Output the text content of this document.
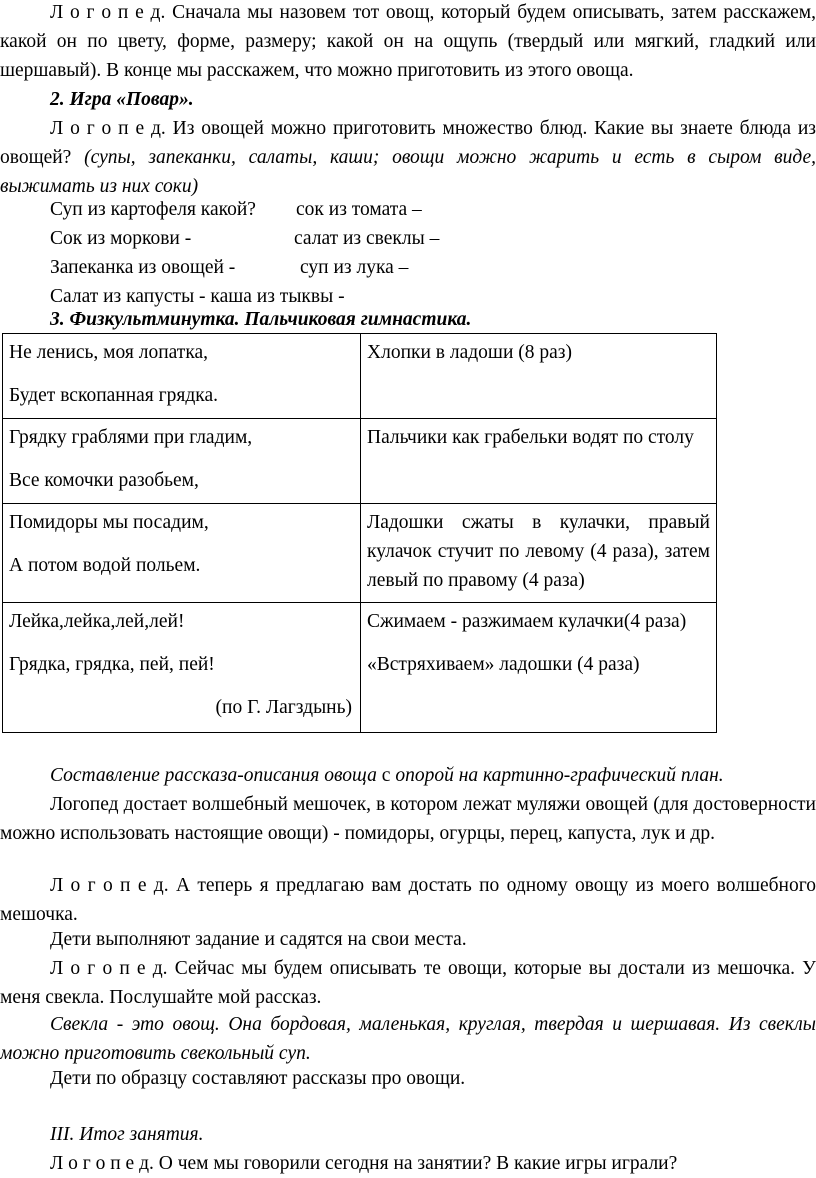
Л о г о п е д. Сначала мы назовем тот овощ, который будем описывать, затем расскажем, какой он по цвету, форме, размеру; какой он на ощупь (твердый или мягкий, гладкий или шершавый). В конце мы расскажем, что можно приготовить из этого овоща.

2. Игра «Повар».

Л о г о п е д. Из овощей можно приготовить множество блюд. Какие вы знаете блюда из овощей? (супы, запеканки, салаты, каши; овощи можно жарить и есть в сыром виде, выжимать из них соки)

Суп из картофеля какой? сок из томата –
Сок из моркови -	салат из свеклы –
Запеканка из овощей -	суп из лука –
Салат из капусты - каша из тыквы -

3. Физкультминутка. Пальчиковая гимнастика.

Не ленись, моя лопатка,
Будет вскопанная грядка.	Хлопки в ладоши (8 раз)

Грядку граблями при гладим,
Все комочки разобьем,	Пальчики как грабельки водят по столу

Помидоры мы посадим,
А потом водой польем.	Ладошки сжаты в кулачки, правый кулачок стучит по левому (4 раза), затем левый по правому (4 раза)

Лейка,лейка,лей,лей!
Грядка, грядка, пей, пей!
(по Г. Лагздынь)	Сжимаем - разжимаем кулачки(4 раза)
«Встряхиваем» ладошки (4 раза)

Составление рассказа-описания овоща с опорой на картинно-графический план.

Логопед достает волшебный мешочек, в котором лежат муляжи овощей (для достоверности можно использовать настоящие овощи) - помидоры, огурцы, перец, капуста, лук и др.

Л о г о п е д. А теперь я предлагаю вам достать по одному овощу из моего волшебного мешочка.

Дети выполняют задание и садятся на свои места.

Л о г о п е д. Сейчас мы будем описывать те овощи, которые вы достали из мешочка. У меня свекла. Послушайте мой рассказ.

Свекла - это овощ. Она бордовая, маленькая, круглая, твердая и шершавая. Из свеклы можно приготовить свекольный суп.

Дети по образцу составляют рассказы про овощи.

III. Итог занятия.

Л о г о п е д. О чем мы говорили сегодня на занятии? В какие игры играли?
